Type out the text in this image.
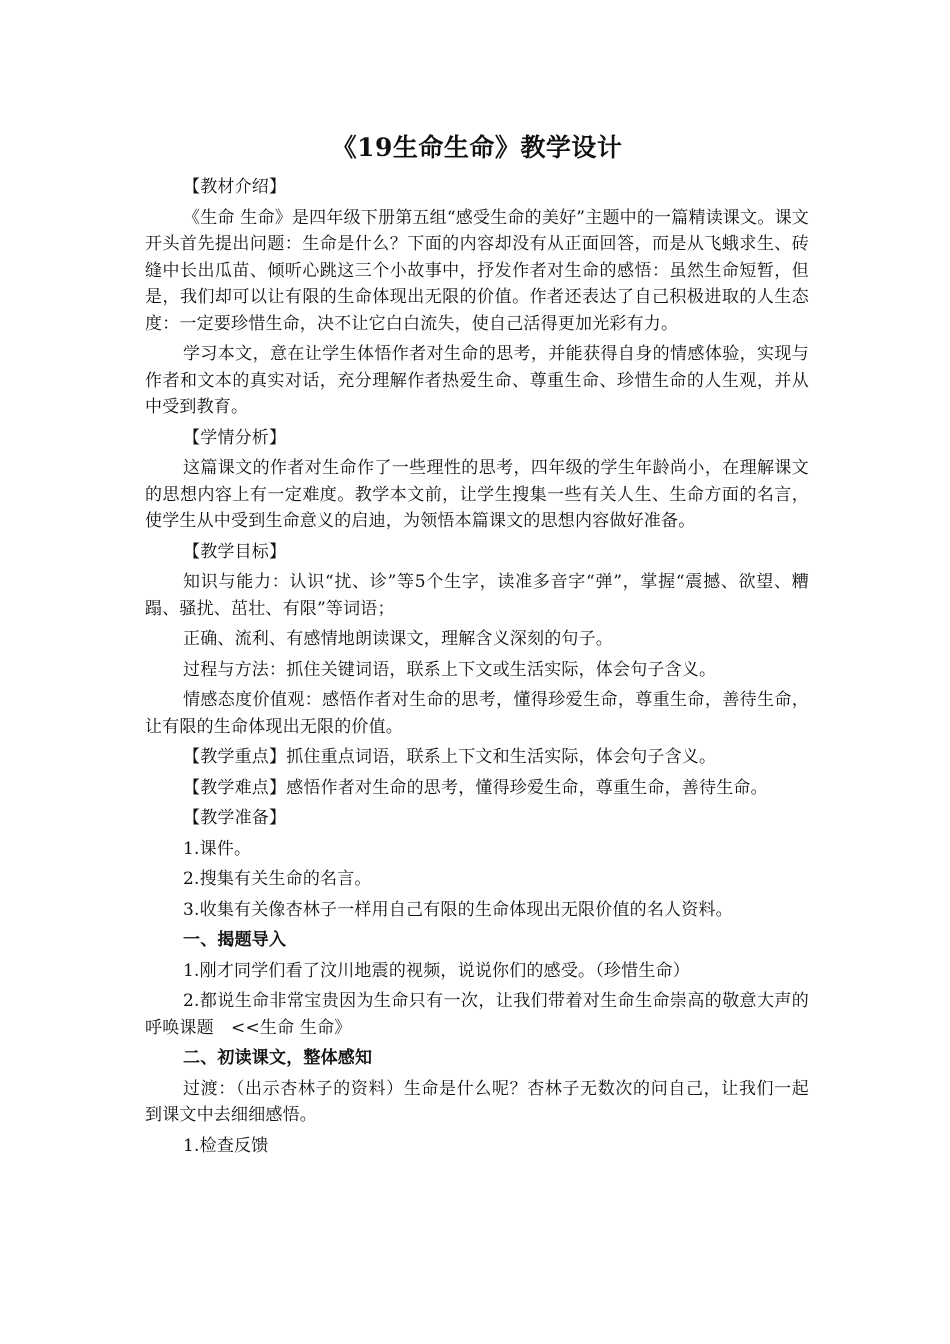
《19生命生命》教学设计

【教材介绍】

《生命 生命》是四年级下册第五组“感受生命的美好”主题中的一篇精读课文。课文开头首先提出问题：生命是什么？下面的内容却没有从正面回答，而是从飞蛾求生、砖缝中长出瓜苗、倾听心跳这三个小故事中，抒发作者对生命的感悟：虽然生命短暂，但是，我们却可以让有限的生命体现出无限的价值。作者还表达了自己积极进取的人生态度：一定要珍惜生命，决不让它白白流失，使自己活得更加光彩有力。

学习本文，意在让学生体悟作者对生命的思考，并能获得自身的情感体验，实现与作者和文本的真实对话，充分理解作者热爱生命、尊重生命、珍惜生命的人生观，并从中受到教育。

【学情分析】

这篇课文的作者对生命作了一些理性的思考，四年级的学生年龄尚小，在理解课文的思想内容上有一定难度。教学本文前，让学生搜集一些有关人生、生命方面的名言，使学生从中受到生命意义的启迪，为领悟本篇课文的思想内容做好准备。

【教学目标】

知识与能力：认识“扰、诊”等5个生字，读准多音字“弹”，掌握“震撼、欲望、糟蹋、骚扰、茁壮、有限”等词语；

正确、流利、有感情地朗读课文，理解含义深刻的句子。

过程与方法：抓住关键词语，联系上下文或生活实际，体会句子含义。

情感态度价值观：感悟作者对生命的思考，懂得珍爱生命，尊重生命，善待生命，让有限的生命体现出无限的价值。

【教学重点】抓住重点词语，联系上下文和生活实际，体会句子含义。

【教学难点】感悟作者对生命的思考，懂得珍爱生命，尊重生命，善待生命。

【教学准备】

1.课件。

2.搜集有关生命的名言。

3.收集有关像杏林子一样用自己有限的生命体现出无限价值的名人资料。

一、揭题导入

1.刚才同学们看了汶川地震的视频，说说你们的感受。（珍惜生命）

2.都说生命非常宝贵因为生命只有一次，让我们带着对生命生命崇高的敬意大声的呼唤课题　<<生命 生命》

二、初读课文，整体感知

过渡：（出示杏林子的资料）生命是什么呢？杏林子无数次的问自己，让我们一起到课文中去细细感悟。

1.检查反馈
